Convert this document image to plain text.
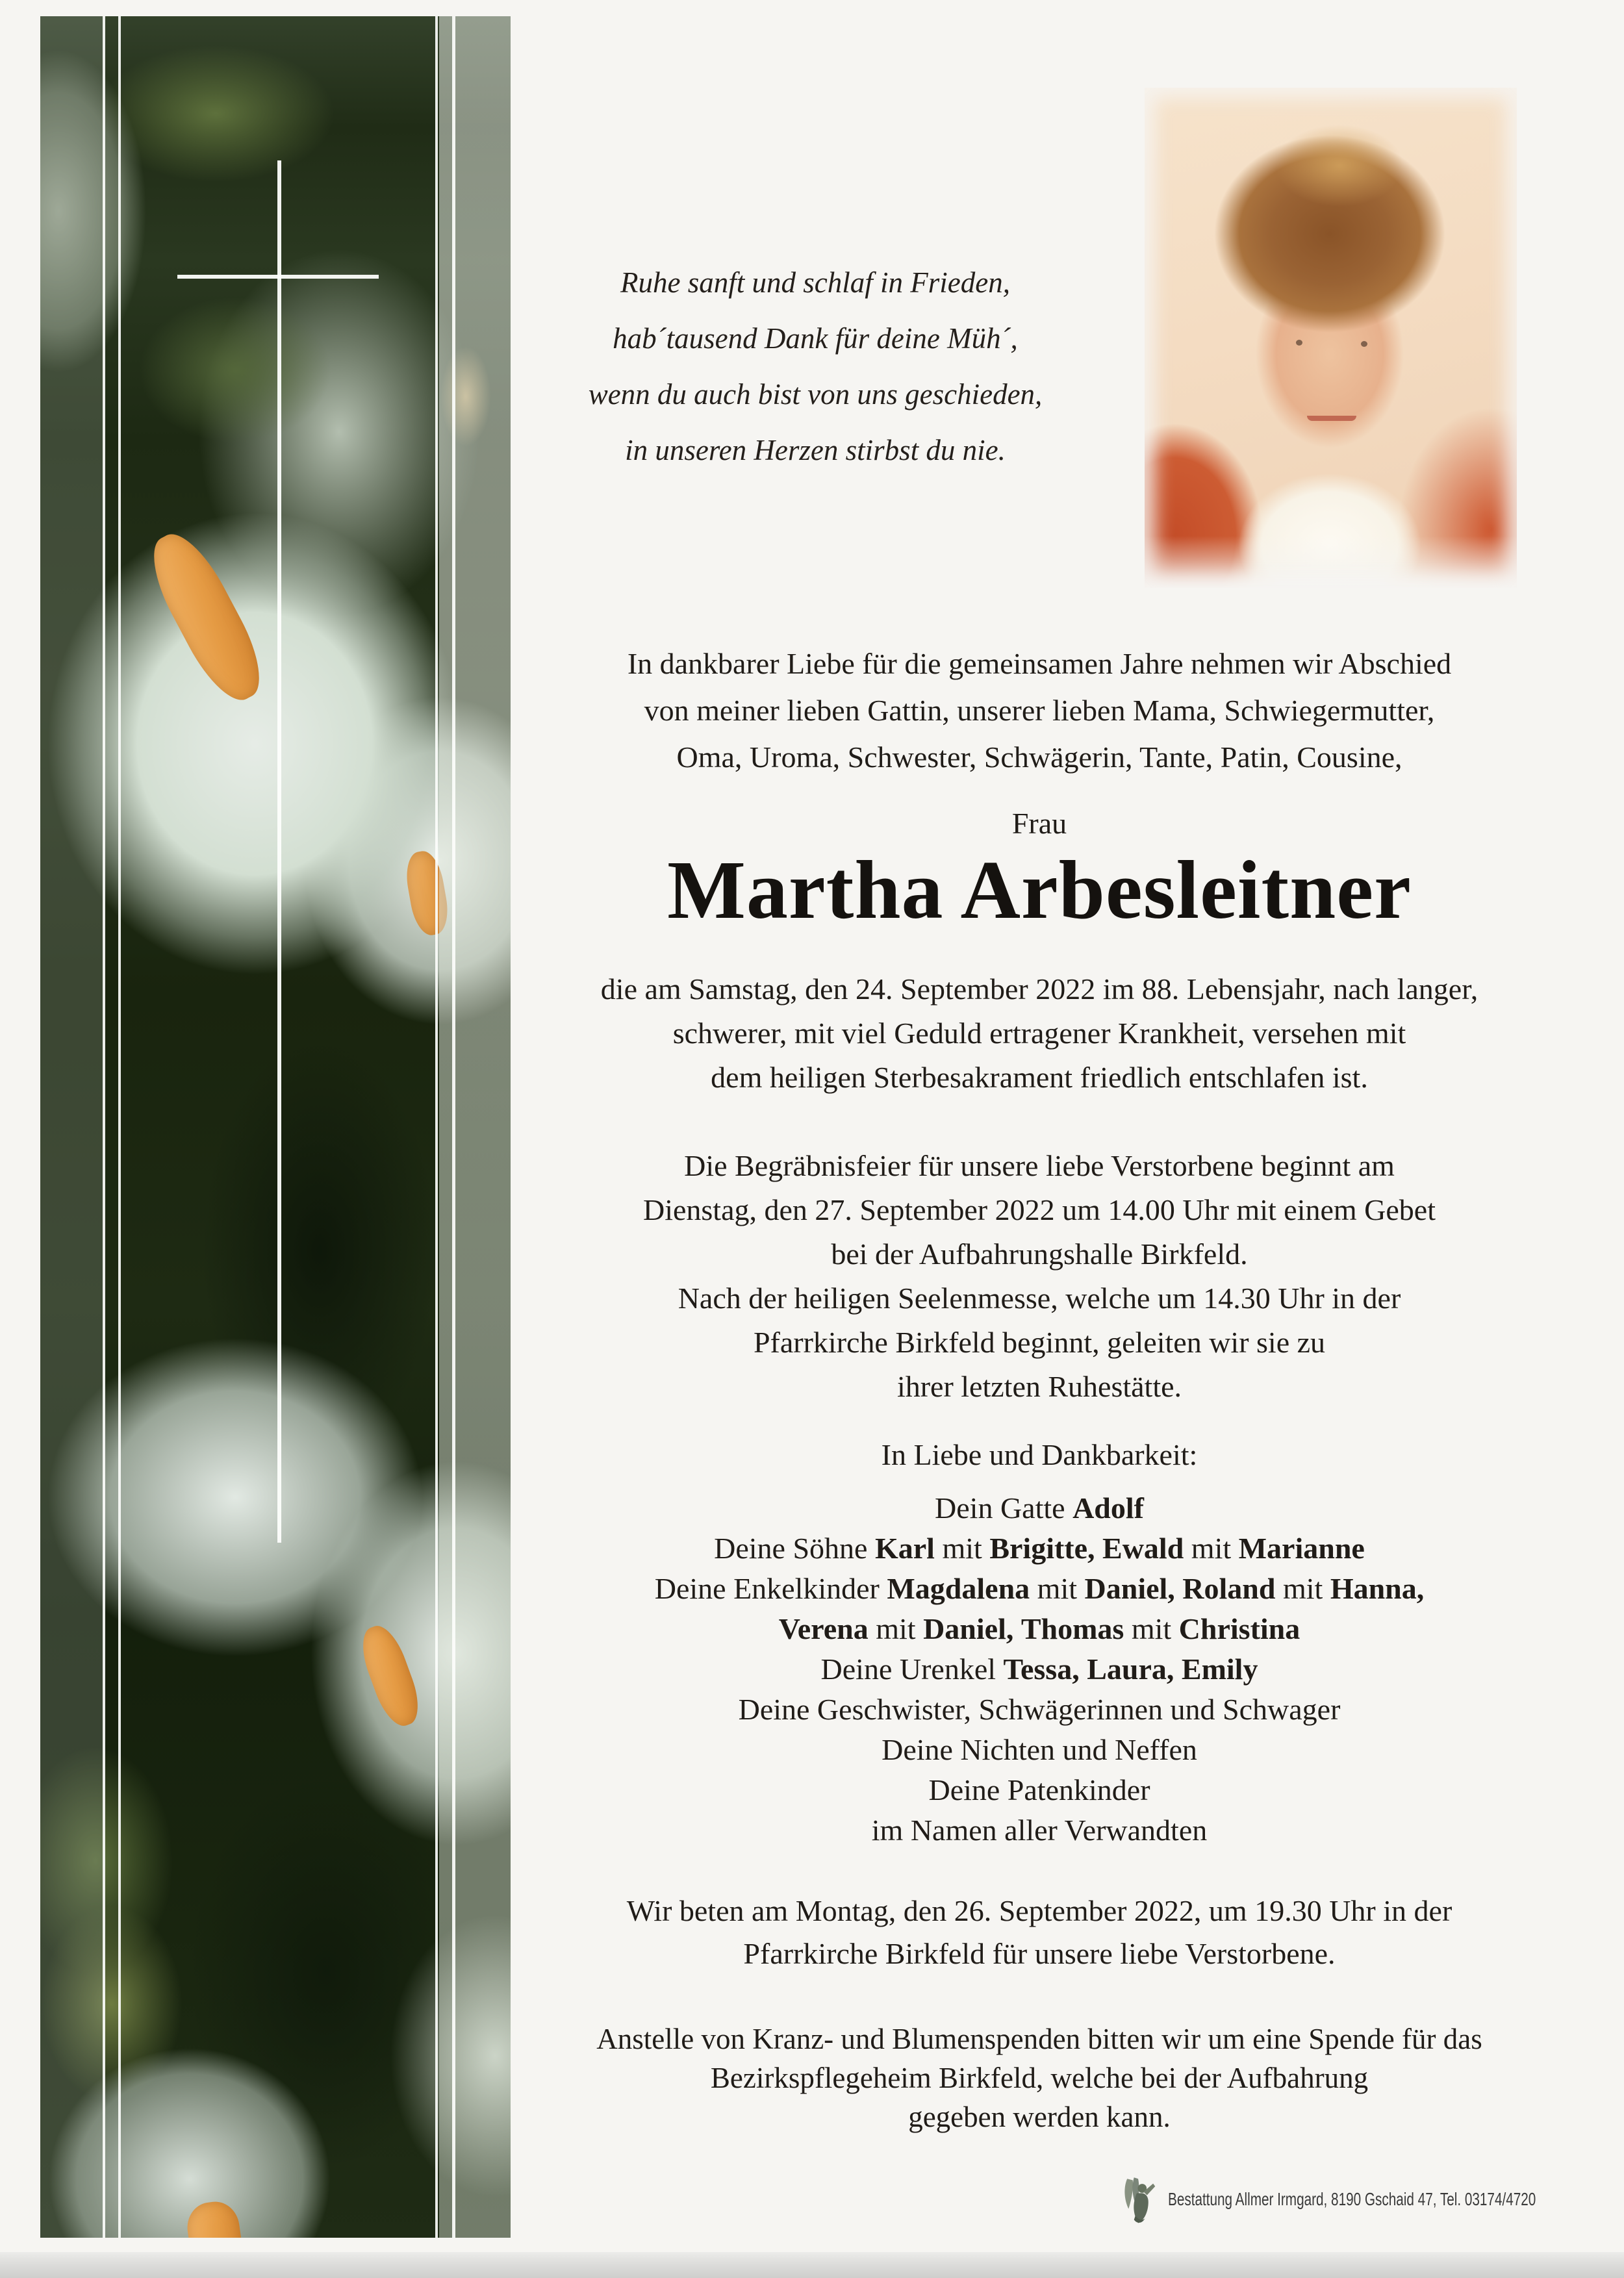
Ruhe sanft und schlaf in Frieden,
hab´tausend Dank für deine Müh´,
wenn du auch bist von uns geschieden,
in unseren Herzen stirbst du nie.
In dankbarer Liebe für die gemeinsamen Jahre nehmen wir Abschied
von meiner lieben Gattin, unserer lieben Mama, Schwiegermutter,
Oma, Uroma, Schwester, Schwägerin, Tante, Patin, Cousine,
Frau
Martha Arbesleitner
die am Samstag, den 24. September 2022 im 88. Lebensjahr, nach langer,
schwerer, mit viel Geduld ertragener Krankheit, versehen mit
dem heiligen Sterbesakrament friedlich entschlafen ist.
Die Begräbnisfeier für unsere liebe Verstorbene beginnt am
Dienstag, den 27. September 2022 um 14.00 Uhr mit einem Gebet
bei der Aufbahrungshalle Birkfeld.
Nach der heiligen Seelenmesse, welche um 14.30 Uhr in der
Pfarrkirche Birkfeld beginnt, geleiten wir sie zu
ihrer letzten Ruhestätte.
In Liebe und Dankbarkeit:
Dein Gatte Adolf
Deine Söhne Karl mit Brigitte, Ewald mit Marianne
Deine Enkelkinder Magdalena mit Daniel, Roland mit Hanna,
Verena mit Daniel, Thomas mit Christina
Deine Urenkel Tessa, Laura, Emily
Deine Geschwister, Schwägerinnen und Schwager
Deine Nichten und Neffen
Deine Patenkinder
im Namen aller Verwandten
Wir beten am Montag, den 26. September 2022, um 19.30 Uhr in der
Pfarrkirche Birkfeld für unsere liebe Verstorbene.
Anstelle von Kranz- und Blumenspenden bitten wir um eine Spende für das
Bezirkspflegeheim Birkfeld, welche bei der Aufbahrung
gegeben werden kann.
Bestattung Allmer Irmgard, 8190 Gschaid 47, Tel. 03174/4720
